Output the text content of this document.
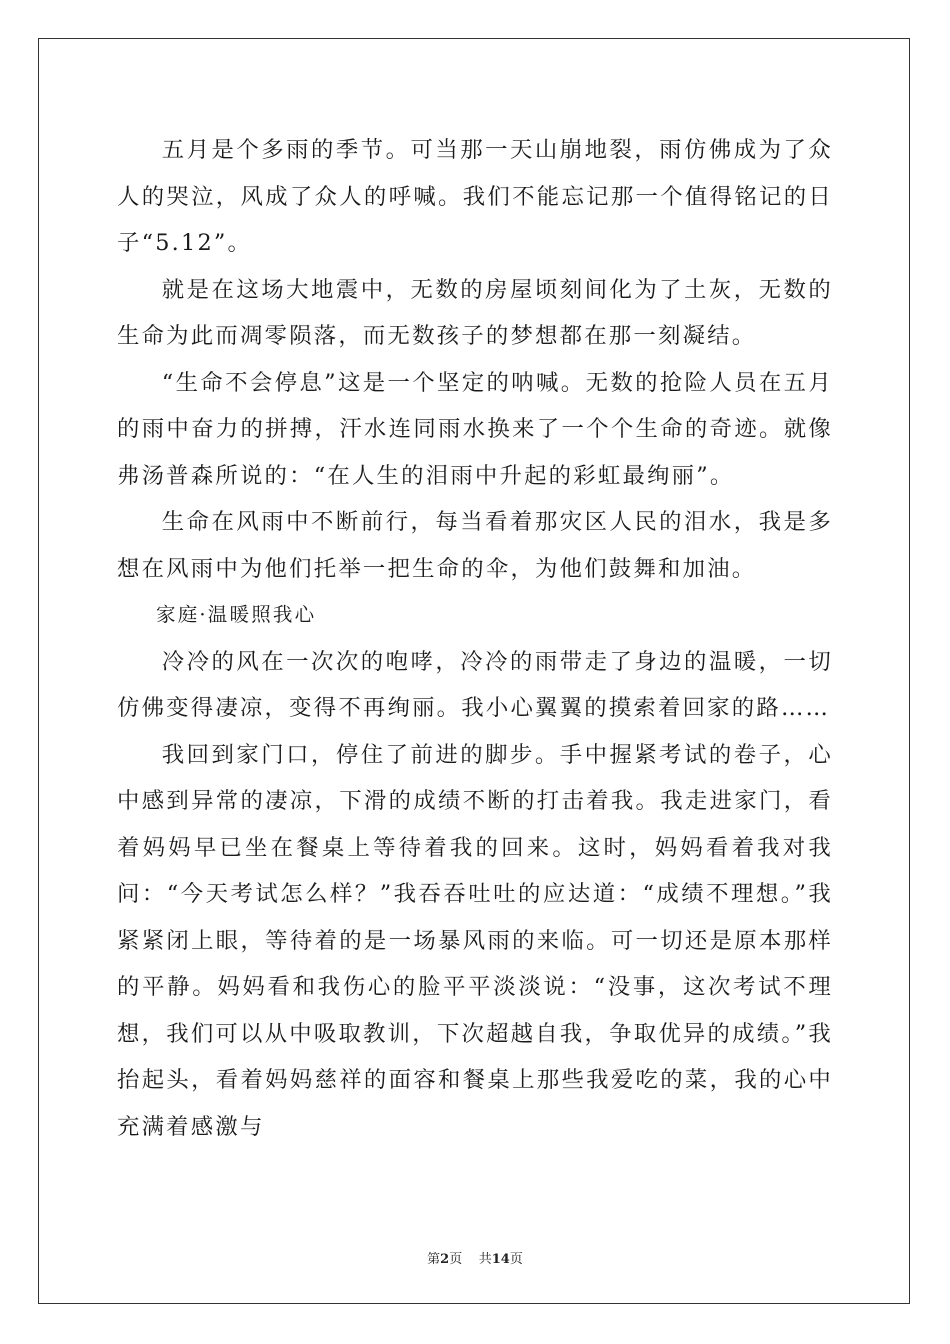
五月是个多雨的季节。可当那一天山崩地裂，雨仿佛成为了众人的哭泣，风成了众人的呼喊。我们不能忘记那一个值得铭记的日子“5.12”。

就是在这场大地震中，无数的房屋顷刻间化为了土灰，无数的生命为此而凋零陨落，而无数孩子的梦想都在那一刻凝结。

“生命不会停息”这是一个坚定的呐喊。无数的抢险人员在五月的雨中奋力的拼搏，汗水连同雨水换来了一个个生命的奇迹。就像弗汤普森所说的：“在人生的泪雨中升起的彩虹最绚丽”。

生命在风雨中不断前行，每当看着那灾区人民的泪水，我是多想在风雨中为他们托举一把生命的伞，为他们鼓舞和加油。

家庭·温暖照我心

冷冷的风在一次次的咆哮，冷冷的雨带走了身边的温暖，一切仿佛变得凄凉，变得不再绚丽。我小心翼翼的摸索着回家的路……

我回到家门口，停住了前进的脚步。手中握紧考试的卷子，心中感到异常的凄凉，下滑的成绩不断的打击着我。我走进家门，看着妈妈早已坐在餐桌上等待着我的回来。这时，妈妈看着我对我问：“今天考试怎么样？”我吞吞吐吐的应达道：“成绩不理想。”我紧紧闭上眼，等待着的是一场暴风雨的来临。可一切还是原本那样的平静。妈妈看和我伤心的脸平平淡淡说：“没事，这次考试不理想，我们可以从中吸取教训，下次超越自我，争取优异的成绩。”我抬起头，看着妈妈慈祥的面容和餐桌上那些我爱吃的菜，我的心中充满着感激与

第2页 共14页
